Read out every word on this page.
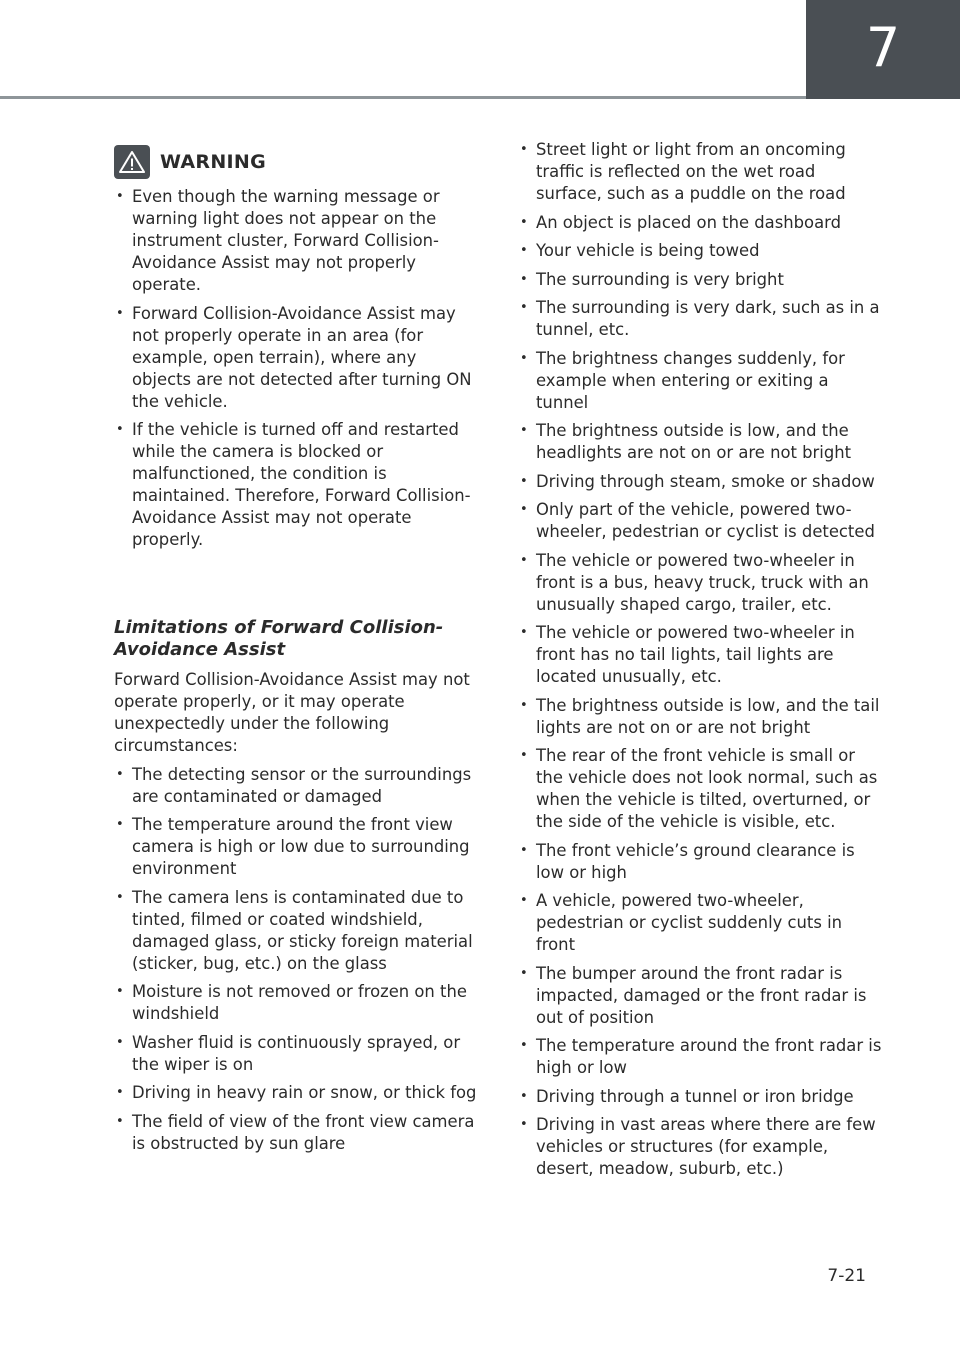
7
WARNING
• Even though the warning message or warning light does not appear on the instrument cluster, Forward Collision-Avoidance Assist may not properly operate.
• Forward Collision-Avoidance Assist may not properly operate in an area (for example, open terrain), where any objects are not detected after turning ON the vehicle.
• If the vehicle is turned off and restarted while the camera is blocked or malfunctioned, the condition is maintained. Therefore, Forward Collision-Avoidance Assist may not operate properly.
Limitations of Forward Collision-Avoidance Assist

Forward Collision-Avoidance Assist may not operate properly, or it may operate unexpectedly under the following circumstances:

• The detecting sensor or the surroundings are contaminated or damaged
• The temperature around the front view camera is high or low due to surrounding environment
• The camera lens is contaminated due to tinted, filmed or coated windshield, damaged glass, or sticky foreign material (sticker, bug, etc.) on the glass
• Moisture is not removed or frozen on the windshield
• Washer fluid is continuously sprayed, or the wiper is on
• Driving in heavy rain or snow, or thick fog
• The field of view of the front view camera is obstructed by sun glare
• Street light or light from an oncoming traffic is reflected on the wet road surface, such as a puddle on the road
• An object is placed on the dashboard
• Your vehicle is being towed
• The surrounding is very bright
• The surrounding is very dark, such as in a tunnel, etc.
• The brightness changes suddenly, for example when entering or exiting a tunnel
• The brightness outside is low, and the headlights are not on or are not bright
• Driving through steam, smoke or shadow
• Only part of the vehicle, powered two-wheeler, pedestrian or cyclist is detected
• The vehicle or powered two-wheeler in front is a bus, heavy truck, truck with an unusually shaped cargo, trailer, etc.
• The vehicle or powered two-wheeler in front has no tail lights, tail lights are located unusually, etc.
• The brightness outside is low, and the tail lights are not on or are not bright
• The rear of the front vehicle is small or the vehicle does not look normal, such as when the vehicle is tilted, overturned, or the side of the vehicle is visible, etc.
• The front vehicle’s ground clearance is low or high
• A vehicle, powered two-wheeler, pedestrian or cyclist suddenly cuts in front
• The bumper around the front radar is impacted, damaged or the front radar is out of position
• The temperature around the front radar is high or low
• Driving through a tunnel or iron bridge
• Driving in vast areas where there are few vehicles or structures (for example, desert, meadow, suburb, etc.)
7-21
